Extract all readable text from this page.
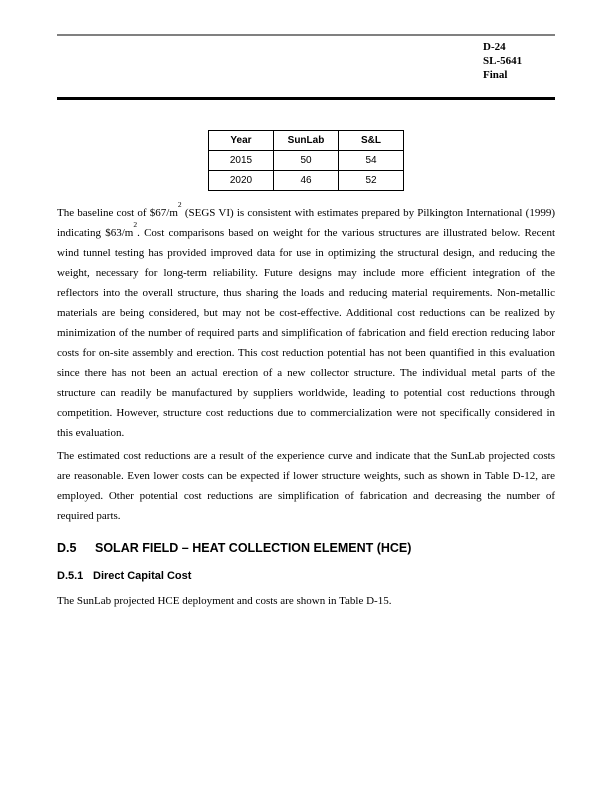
D-24
SL-5641
Final
Year	SunLab	S&L
2015	50	54
2020	46	52

The baseline cost of $\$67/m^2$ (SEGS VI) is consistent with estimates prepared by Pilkington International (1999) indicating $\$63/m^2$. Cost comparisons based on weight for the various structures are illustrated below. Recent wind tunnel testing has provided improved data for use in optimizing the structural design, and reducing the weight, necessary for long-term reliability. Future designs may include more efficient integration of the reflectors into the overall structure, thus sharing the loads and reducing material requirements. Non-metallic materials are being considered, but may not be cost-effective. Additional cost reductions can be realized by minimization of the number of required parts and simplification of fabrication and field erection reducing labor costs for on-site assembly and erection. This cost reduction potential has not been quantified in this evaluation since there has not been an actual erection of a new collector structure. The individual metal parts of the structure can readily be manufactured by suppliers worldwide, leading to potential cost reductions through competition. However, structure cost reductions due to commercialization were not specifically considered in this evaluation.

The estimated cost reductions are a result of the experience curve and indicate that the SunLab projected costs are reasonable. Even lower costs can be expected if lower structure weights, such as shown in Table D-12, are employed. Other potential cost reductions are simplification of fabrication and decreasing the number of required parts.

D.5 SOLAR FIELD – HEAT COLLECTION ELEMENT (HCE)
D.5.1 Direct Capital Cost

The SunLab projected HCE deployment and costs are shown in Table D-15.
